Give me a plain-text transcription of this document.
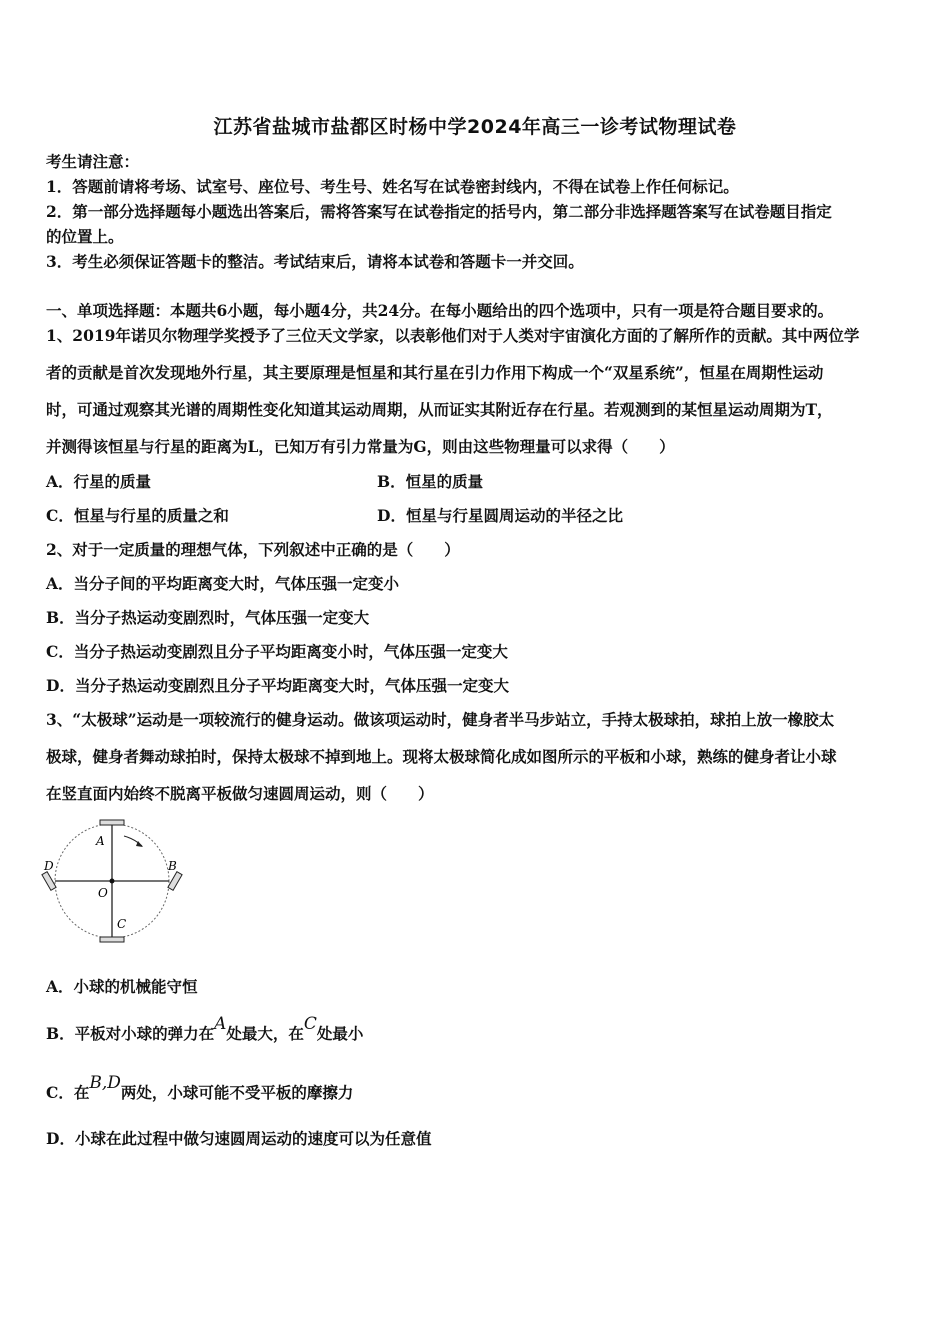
江苏省盐城市盐都区时杨中学2024年高三一诊考试物理试卷
考生请注意：
1．答题前请将考场、试室号、座位号、考生号、姓名写在试卷密封线内，不得在试卷上作任何标记。
2．第一部分选择题每小题选出答案后，需将答案写在试卷指定的括号内，第二部分非选择题答案写在试卷题目指定
的位置上。
3．考生必须保证答题卡的整洁。考试结束后，请将本试卷和答题卡一并交回。
一、单项选择题：本题共6小题，每小题4分，共24分。在每小题给出的四个选项中，只有一项是符合题目要求的。
1、2019年诺贝尔物理学奖授予了三位天文学家，以表彰他们对于人类对宇宙演化方面的了解所作的贡献。其中两位学
者的贡献是首次发现地外行星，其主要原理是恒星和其行星在引力作用下构成一个“双星系统”，恒星在周期性运动
时，可通过观察其光谱的周期性变化知道其运动周期，从而证实其附近存在行星。若观测到的某恒星运动周期为T，
并测得该恒星与行星的距离为L，已知万有引力常量为G，则由这些物理量可以求得（　　）
A．行星的质量	B．恒星的质量
C．恒星与行星的质量之和	D．恒星与行星圆周运动的半径之比
2、对于一定质量的理想气体，下列叙述中正确的是（　　）
A．当分子间的平均距离变大时，气体压强一定变小
B．当分子热运动变剧烈时，气体压强一定变大
C．当分子热运动变剧烈且分子平均距离变小时，气体压强一定变大
D．当分子热运动变剧烈且分子平均距离变大时，气体压强一定变大
3、“太极球”运动是一项较流行的健身运动。做该项运动时，健身者半马步站立，手持太极球拍，球拍上放一橡胶太
极球，健身者舞动球拍时，保持太极球不掉到地上。现将太极球简化成如图所示的平板和小球，熟练的健身者让小球
在竖直面内始终不脱离平板做匀速圆周运动，则（　　）
A
B
C
D
O
A．小球的机械能守恒
B．平板对小球的弹力在A处最大，在C处最小
C．在B,D两处，小球可能不受平板的摩擦力
D．小球在此过程中做匀速圆周运动的速度可以为任意值
